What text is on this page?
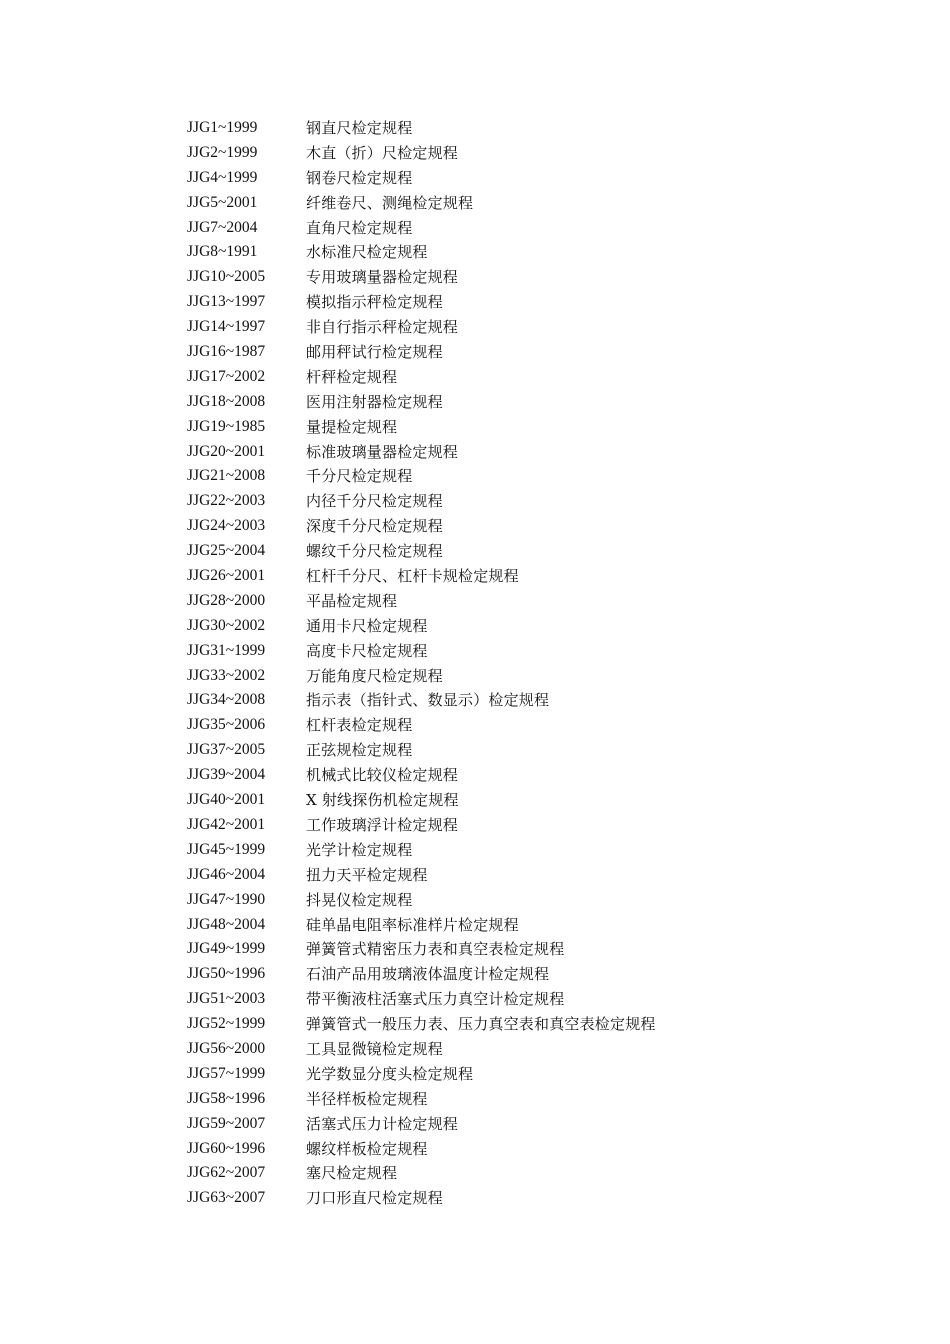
JJG1~1999	钢直尺检定规程
JJG2~1999	木直（折）尺检定规程
JJG4~1999	钢卷尺检定规程
JJG5~2001	纤维卷尺、测绳检定规程
JJG7~2004	直角尺检定规程
JJG8~1991	水标准尺检定规程
JJG10~2005	专用玻璃量器检定规程
JJG13~1997	模拟指示秤检定规程
JJG14~1997	非自行指示秤检定规程
JJG16~1987	邮用秤试行检定规程
JJG17~2002	杆秤检定规程
JJG18~2008	医用注射器检定规程
JJG19~1985	量提检定规程
JJG20~2001	标准玻璃量器检定规程
JJG21~2008	千分尺检定规程
JJG22~2003	内径千分尺检定规程
JJG24~2003	深度千分尺检定规程
JJG25~2004	螺纹千分尺检定规程
JJG26~2001	杠杆千分尺、杠杆卡规检定规程
JJG28~2000	平晶检定规程
JJG30~2002	通用卡尺检定规程
JJG31~1999	高度卡尺检定规程
JJG33~2002	万能角度尺检定规程
JJG34~2008	指示表（指针式、数显示）检定规程
JJG35~2006	杠杆表检定规程
JJG37~2005	正弦规检定规程
JJG39~2004	机械式比较仪检定规程
JJG40~2001	X 射线探伤机检定规程
JJG42~2001	工作玻璃浮计检定规程
JJG45~1999	光学计检定规程
JJG46~2004	扭力天平检定规程
JJG47~1990	抖晃仪检定规程
JJG48~2004	硅单晶电阻率标准样片检定规程
JJG49~1999	弹簧管式精密压力表和真空表检定规程
JJG50~1996	石油产品用玻璃液体温度计检定规程
JJG51~2003	带平衡液柱活塞式压力真空计检定规程
JJG52~1999	弹簧管式一般压力表、压力真空表和真空表检定规程
JJG56~2000	工具显微镜检定规程
JJG57~1999	光学数显分度头检定规程
JJG58~1996	半径样板检定规程
JJG59~2007	活塞式压力计检定规程
JJG60~1996	螺纹样板检定规程
JJG62~2007	塞尺检定规程
JJG63~2007	刀口形直尺检定规程
